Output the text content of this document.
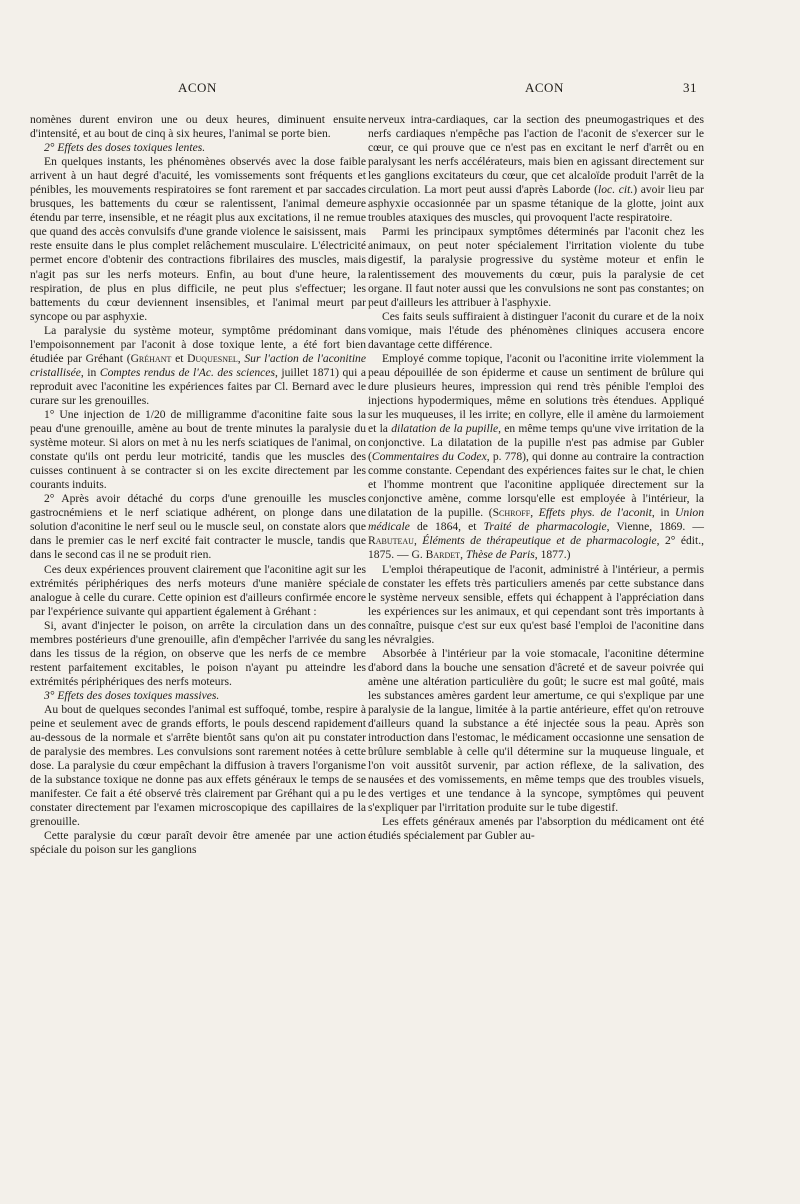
ACON	ACON	31

nomènes durent environ une ou deux heures, diminuent ensuite d'intensité, et au bout de cinq à six heures, l'animal se porte bien.

2° Effets des doses toxiques lentes.

En quelques instants, les phénomènes observés avec la dose faible arrivent à un haut degré d'acuité, les vomissements sont fréquents et pénibles, les mouvements respiratoires se font rarement et par saccades brusques, les battements du cœur se ralentissent, l'animal demeure étendu par terre, insensible, et ne réagit plus aux excitations, il ne remue que quand des accès convulsifs d'une grande violence le saisissent, mais reste ensuite dans le plus complet relâchement musculaire. L'électricité permet encore d'obtenir des contractions fibrilaires des muscles, mais n'agit pas sur les nerfs moteurs. Enfin, au bout d'une heure, la respiration, de plus en plus difficile, ne peut plus s'effectuer; les battements du cœur deviennent insensibles, et l'animal meurt par syncope ou par asphyxie.

La paralysie du système moteur, symptôme prédominant dans l'empoisonnement par l'aconit à dose toxique lente, a été fort bien étudiée par Gréhant (Gréhant et Duquesnel, Sur l'action de l'aconitine cristallisée, in Comptes rendus de l'Ac. des sciences, juillet 1871) qui a reproduit avec l'aconitine les expériences faites par Cl. Bernard avec le curare sur les grenouilles.

1° Une injection de 1/20 de milligramme d'aconitine faite sous la peau d'une grenouille, amène au bout de trente minutes la paralysie du système moteur. Si alors on met à nu les nerfs sciatiques de l'animal, on constate qu'ils ont perdu leur motricité, tandis que les muscles des cuisses continuent à se contracter si on les excite directement par les courants induits.

2° Après avoir détaché du corps d'une grenouille les muscles gastrocnémiens et le nerf sciatique adhérent, on plonge dans une solution d'aconitine le nerf seul ou le muscle seul, on constate alors que dans le premier cas le nerf excité fait contracter le muscle, tandis que dans le second cas il ne se produit rien.

Ces deux expériences prouvent clairement que l'aconitine agit sur les extrémités périphériques des nerfs moteurs d'une manière spéciale analogue à celle du curare. Cette opinion est d'ailleurs confirmée encore par l'expérience suivante qui appartient également à Gréhant :

Si, avant d'injecter le poison, on arrête la circulation dans un des membres postérieurs d'une grenouille, afin d'empêcher l'arrivée du sang dans les tissus de la région, on observe que les nerfs de ce membre restent parfaitement excitables, le poison n'ayant pu atteindre les extrémités périphériques des nerfs moteurs.

3° Effets des doses toxiques massives.

Au bout de quelques secondes l'animal est suffoqué, tombe, respire à peine et seulement avec de grands efforts, le pouls descend rapidement au-dessous de la normale et s'arrête bientôt sans qu'on ait pu constater de paralysie des membres. Les convulsions sont rarement notées à cette dose. La paralysie du cœur empêchant la diffusion à travers l'organisme de la substance toxique ne donne pas aux effets généraux le temps de se manifester. Ce fait a été observé très clairement par Gréhant qui a pu le constater directement par l'examen microscopique des capillaires de la grenouille.

Cette paralysie du cœur paraît devoir être amenée par une action spéciale du poison sur les ganglions

nerveux intra-cardiaques, car la section des pneumogastriques et des nerfs cardiaques n'empêche pas l'action de l'aconit de s'exercer sur le cœur, ce qui prouve que ce n'est pas en excitant le nerf d'arrêt ou en paralysant les nerfs accélérateurs, mais bien en agissant directement sur les ganglions excitateurs du cœur, que cet alcaloïde produit l'arrêt de la circulation. La mort peut aussi d'après Laborde (loc. cit.) avoir lieu par asphyxie occasionnée par un spasme tétanique de la glotte, joint aux troubles ataxiques des muscles, qui provoquent l'acte respiratoire.

Parmi les principaux symptômes déterminés par l'aconit chez les animaux, on peut noter spécialement l'irritation violente du tube digestif, la paralysie progressive du système moteur et enfin le ralentissement des mouvements du cœur, puis la paralysie de cet organe. Il faut noter aussi que les convulsions ne sont pas constantes; on peut d'ailleurs les attribuer à l'asphyxie.

Ces faits seuls suffiraient à distinguer l'aconit du curare et de la noix vomique, mais l'étude des phénomènes cliniques accusera encore davantage cette différence.

Employé comme topique, l'aconit ou l'aconitine irrite violemment la peau dépouillée de son épiderme et cause un sentiment de brûlure qui dure plusieurs heures, impression qui rend très pénible l'emploi des injections hypodermiques, même en solutions très étendues. Appliqué sur les muqueuses, il les irrite; en collyre, elle il amène du larmoiement et la dilatation de la pupille, en même temps qu'une vive irritation de la conjonctive. La dilatation de la pupille n'est pas admise par Gubler (Commentaires du Codex, p. 778), qui donne au contraire la contraction comme constante. Cependant des expériences faites sur le chat, le chien et l'homme montrent que l'aconitine appliquée directement sur la conjonctive amène, comme lorsqu'elle est employée à l'intérieur, la dilatation de la pupille. (Schroff, Effets phys. de l'aconit, in Union médicale de 1864, et Traité de pharmacologie, Vienne, 1869. — Rabuteau, Éléments de thérapeutique et de pharmacologie, 2° édit., 1875. — G. Bardet, Thèse de Paris, 1877.)

L'emploi thérapeutique de l'aconit, administré à l'intérieur, a permis de constater les effets très particuliers amenés par cette substance dans le système nerveux sensible, effets qui échappent à l'appréciation dans les expériences sur les animaux, et qui cependant sont très importants à connaître, puisque c'est sur eux qu'est basé l'emploi de l'aconitine dans les névralgies.

Absorbée à l'intérieur par la voie stomacale, l'aconitine détermine d'abord dans la bouche une sensation d'âcreté et de saveur poivrée qui amène une altération particulière du goût; le sucre est mal goûté, mais les substances amères gardent leur amertume, ce qui s'explique par une paralysie de la langue, limitée à la partie antérieure, effet qu'on retrouve d'ailleurs quand la substance a été injectée sous la peau. Après son introduction dans l'estomac, le médicament occasionne une sensation de brûlure semblable à celle qu'il détermine sur la muqueuse linguale, et l'on voit aussitôt survenir, par action réflexe, de la salivation, des nausées et des vomissements, en même temps que des troubles visuels, des vertiges et une tendance à la syncope, symptômes qui peuvent s'expliquer par l'irritation produite sur le tube digestif.

Les effets généraux amenés par l'absorption du médicament ont été étudiés spécialement par Gubler au-
